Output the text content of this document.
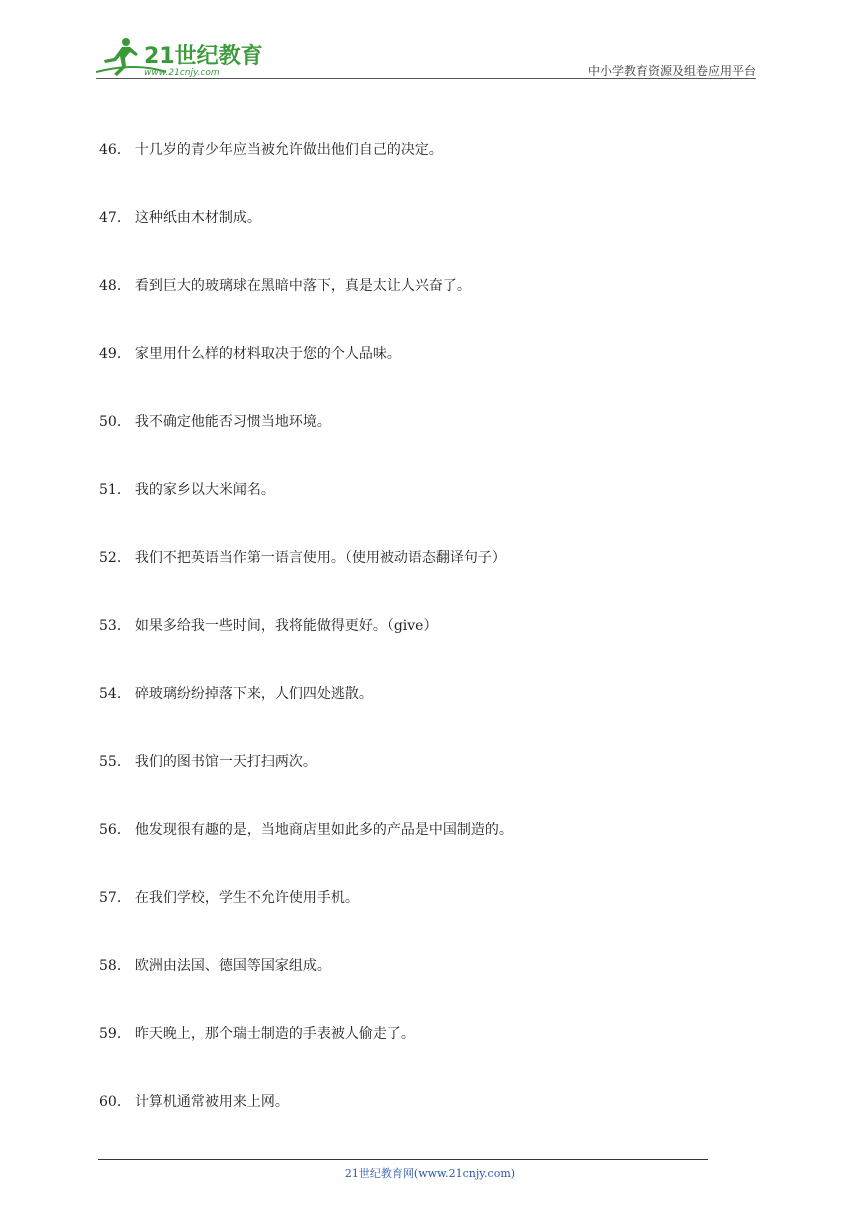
21世纪教育
www.21cnjy.com	中小学教育资源及组卷应用平台
46． 十几岁的青少年应当被允许做出他们自己的决定。
47． 这种纸由木材制成。
48． 看到巨大的玻璃球在黑暗中落下，真是太让人兴奋了。
49． 家里用什么样的材料取决于您的个人品味。
50． 我不确定他能否习惯当地环境。
51． 我的家乡以大米闻名。
52． 我们不把英语当作第一语言使用。（使用被动语态翻译句子）
53． 如果多给我一些时间，我将能做得更好。（give）
54． 碎玻璃纷纷掉落下来，人们四处逃散。
55． 我们的图书馆一天打扫两次。
56． 他发现很有趣的是，当地商店里如此多的产品是中国制造的。
57． 在我们学校，学生不允许使用手机。
58． 欧洲由法国、德国等国家组成。
59． 昨天晚上，那个瑞士制造的手表被人偷走了。
60． 计算机通常被用来上网。
21世纪教育网(www.21cnjy.com)
